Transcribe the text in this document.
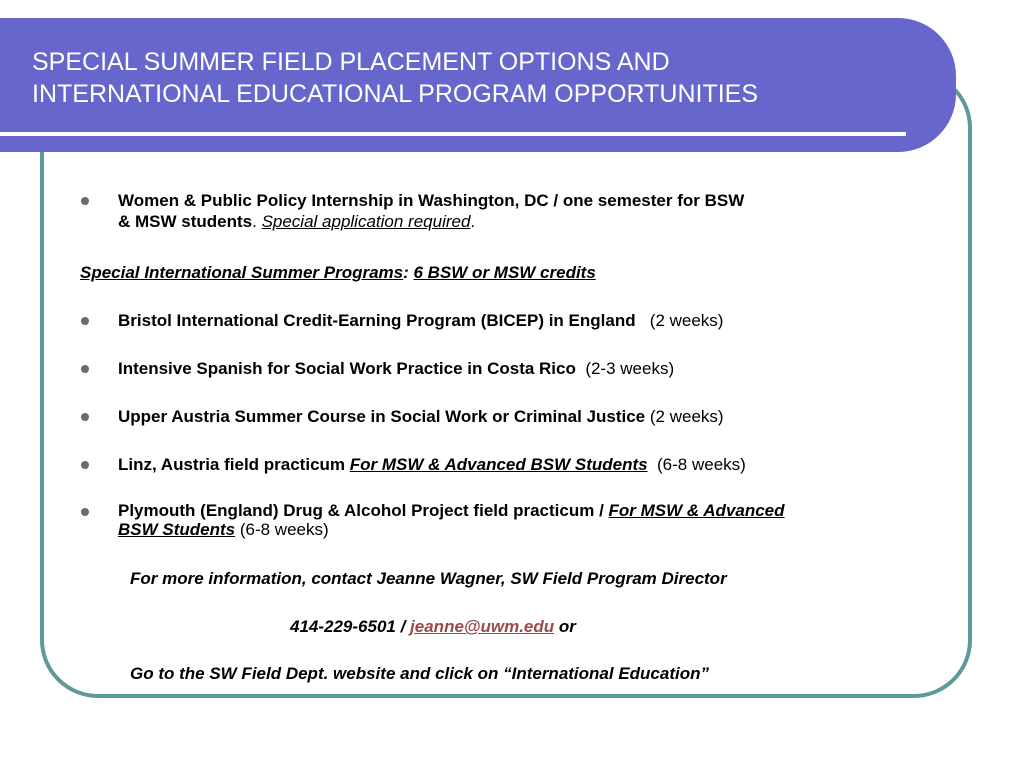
SPECIAL SUMMER FIELD PLACEMENT OPTIONS AND
INTERNATIONAL EDUCATIONAL PROGRAM OPPORTUNITIES
Women & Public Policy Internship in Washington, DC / one semester for BSW
& MSW students. Special application required.
Special International Summer Programs: 6 BSW or MSW credits
Bristol International Credit-Earning Program (BICEP) in England   (2 weeks)
Intensive Spanish for Social Work Practice in Costa Rico  (2-3 weeks)
Upper Austria Summer Course in Social Work or Criminal Justice (2 weeks)
Linz, Austria field practicum For MSW & Advanced BSW Students  (6-8 weeks)
Plymouth (England) Drug & Alcohol Project field practicum / For MSW & Advanced
BSW Students (6-8 weeks)
For more information, contact Jeanne Wagner, SW Field Program Director
414-229-6501 / jeanne@uwm.edu or
Go to the SW Field Dept. website and click on “International Education”
